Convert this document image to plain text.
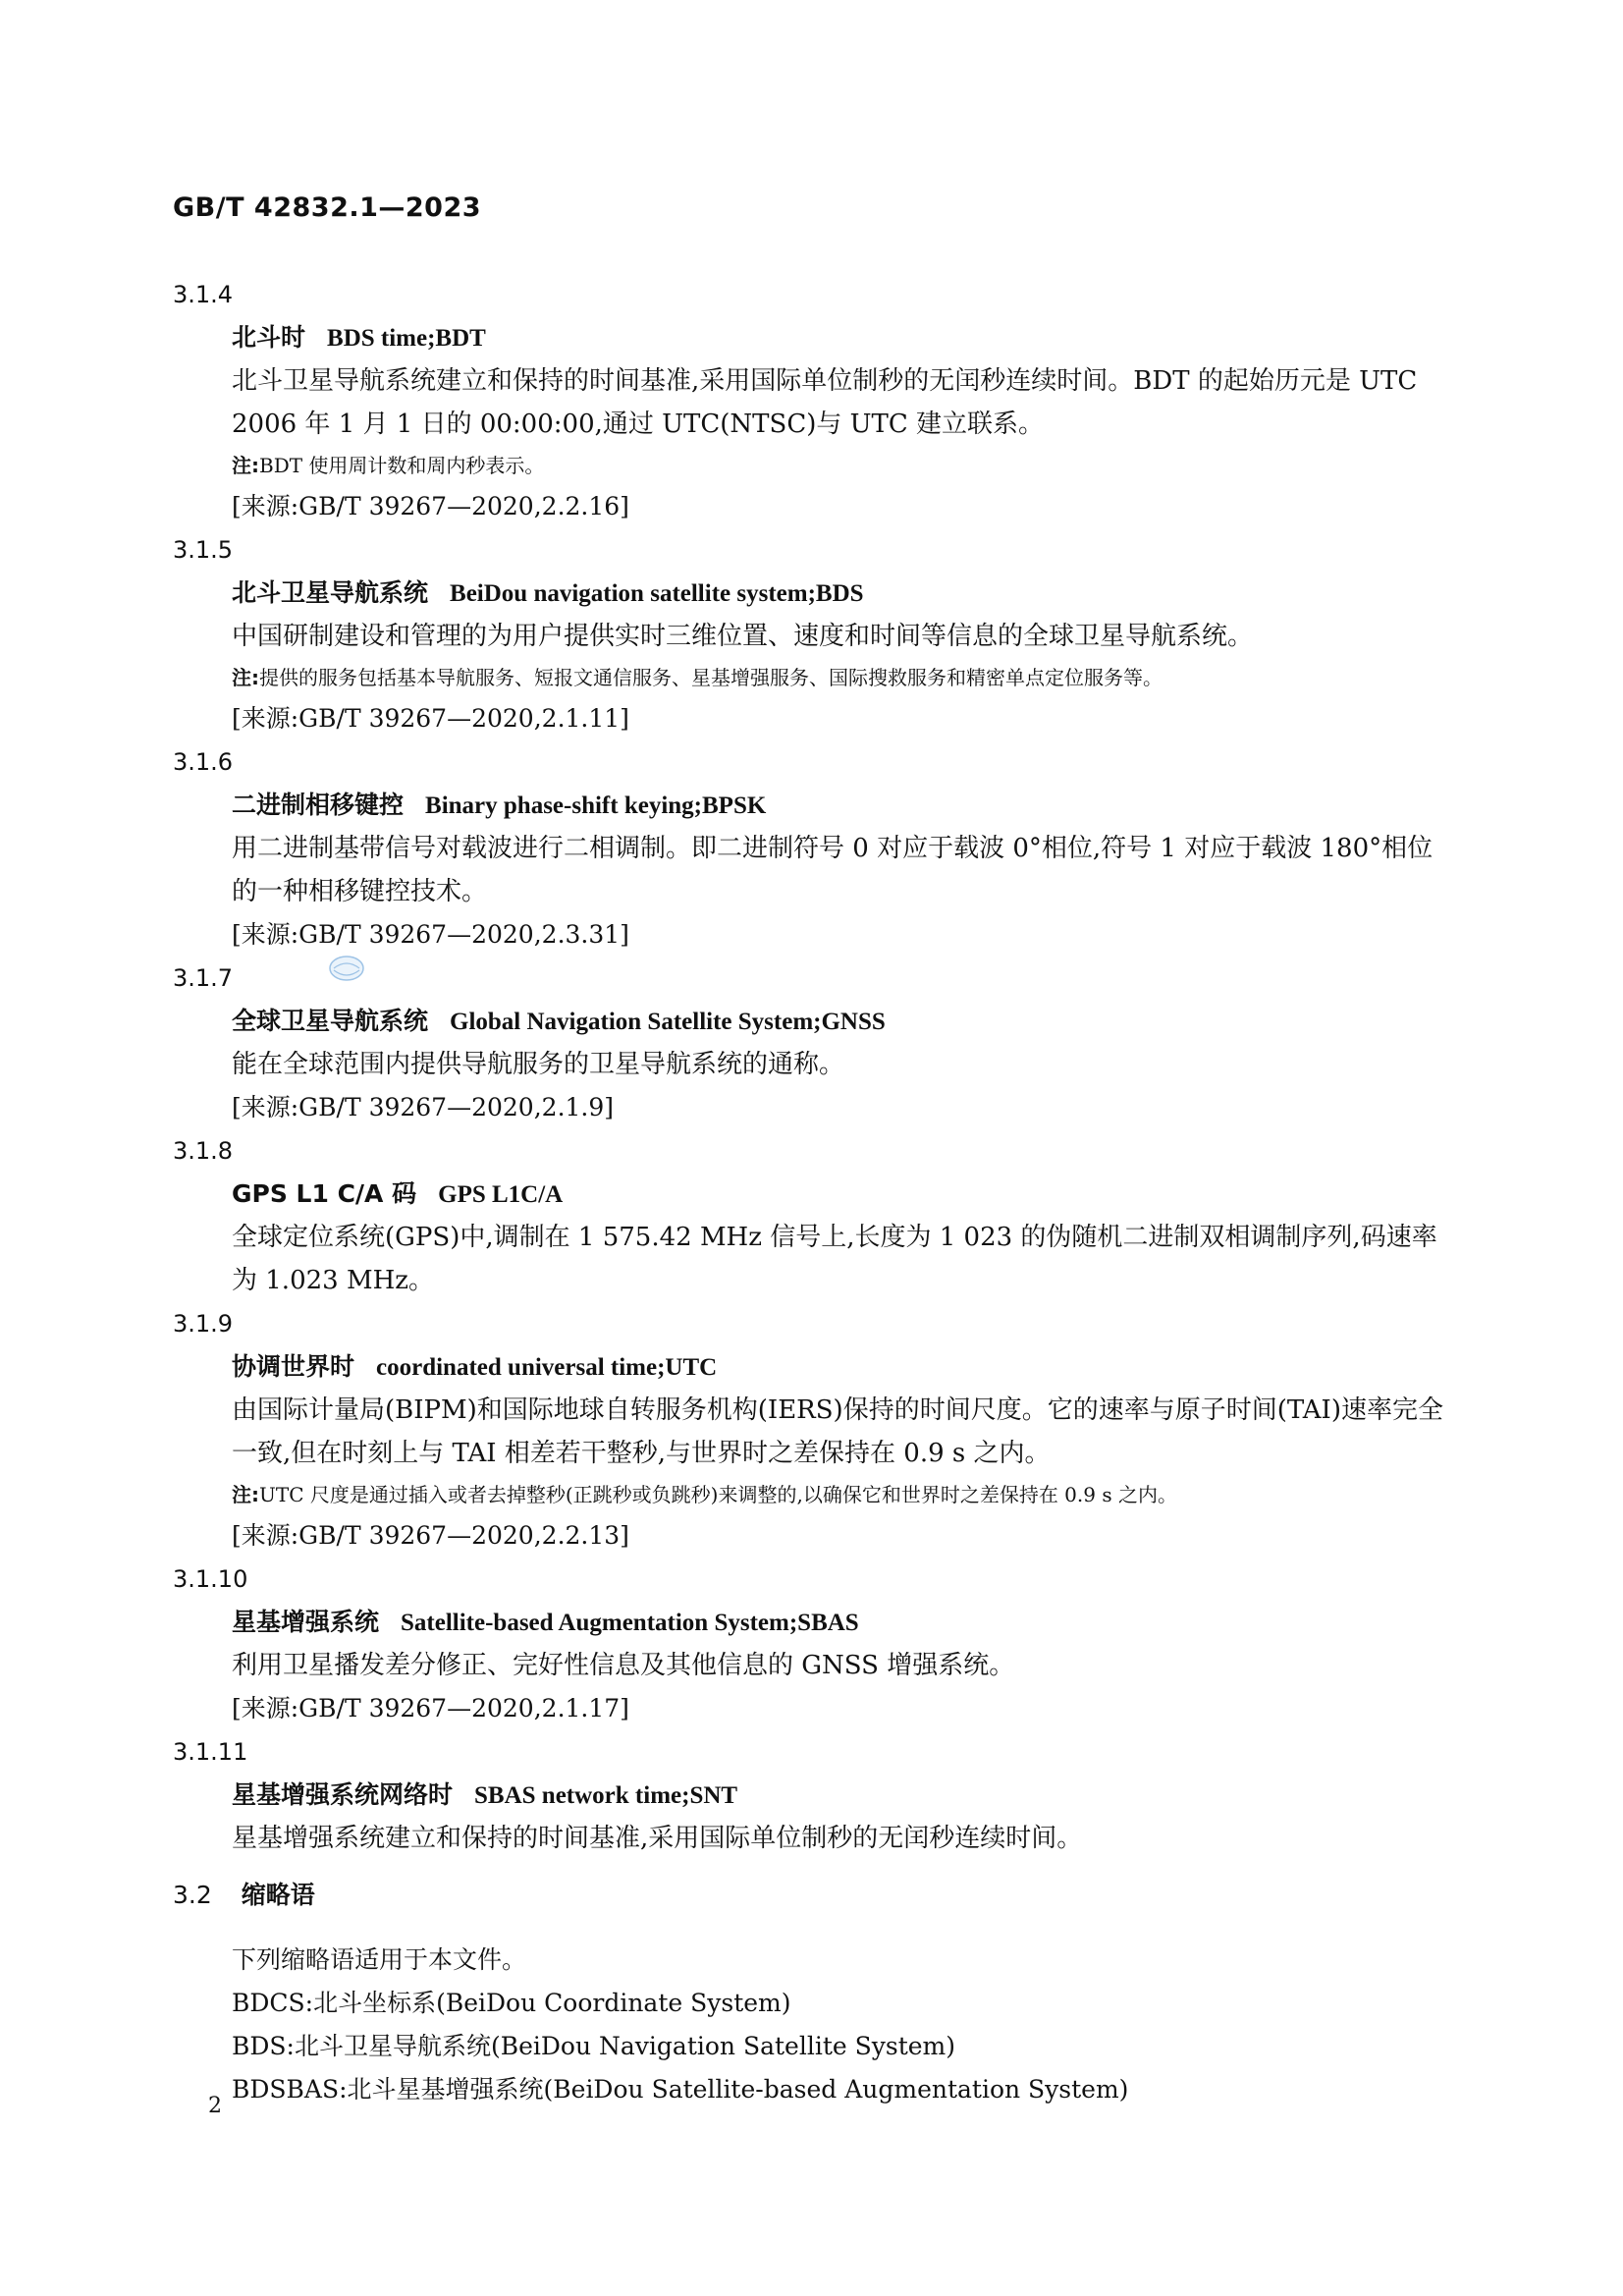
GB/T 42832.1—2023
3.1.4
北斗时 BDS time;BDT
北斗卫星导航系统建立和保持的时间基准,采用国际单位制秒的无闰秒连续时间。BDT 的起始历元是 UTC 2006 年 1 月 1 日的 00:00:00,通过 UTC(NTSC)与 UTC 建立联系。
注:BDT 使用周计数和周内秒表示。
[来源:GB/T 39267—2020,2.2.16]
3.1.5
北斗卫星导航系统 BeiDou navigation satellite system;BDS
中国研制建设和管理的为用户提供实时三维位置、速度和时间等信息的全球卫星导航系统。
注:提供的服务包括基本导航服务、短报文通信服务、星基增强服务、国际搜救服务和精密单点定位服务等。
[来源:GB/T 39267—2020,2.1.11]
3.1.6
二进制相移键控 Binary phase-shift keying;BPSK
用二进制基带信号对载波进行二相调制。即二进制符号 0 对应于载波 0°相位,符号 1 对应于载波 180°相位的一种相移键控技术。
[来源:GB/T 39267—2020,2.3.31]
3.1.7
全球卫星导航系统 Global Navigation Satellite System;GNSS
能在全球范围内提供导航服务的卫星导航系统的通称。
[来源:GB/T 39267—2020,2.1.9]
3.1.8
GPS L1 C/A 码 GPS L1C/A
全球定位系统(GPS)中,调制在 1 575.42 MHz 信号上,长度为 1 023 的伪随机二进制双相调制序列,码速率为 1.023 MHz。
3.1.9
协调世界时 coordinated universal time;UTC
由国际计量局(BIPM)和国际地球自转服务机构(IERS)保持的时间尺度。它的速率与原子时间(TAI)速率完全一致,但在时刻上与 TAI 相差若干整秒,与世界时之差保持在 0.9 s 之内。
注:UTC 尺度是通过插入或者去掉整秒(正跳秒或负跳秒)来调整的,以确保它和世界时之差保持在 0.9 s 之内。
[来源:GB/T 39267—2020,2.2.13]
3.1.10
星基增强系统 Satellite-based Augmentation System;SBAS
利用卫星播发差分修正、完好性信息及其他信息的 GNSS 增强系统。
[来源:GB/T 39267—2020,2.1.17]
3.1.11
星基增强系统网络时 SBAS network time;SNT
星基增强系统建立和保持的时间基准,采用国际单位制秒的无闰秒连续时间。
3.2 缩略语
下列缩略语适用于本文件。
BDCS:北斗坐标系(BeiDou Coordinate System)
BDS:北斗卫星导航系统(BeiDou Navigation Satellite System)
BDSBAS:北斗星基增强系统(BeiDou Satellite-based Augmentation System)
2
